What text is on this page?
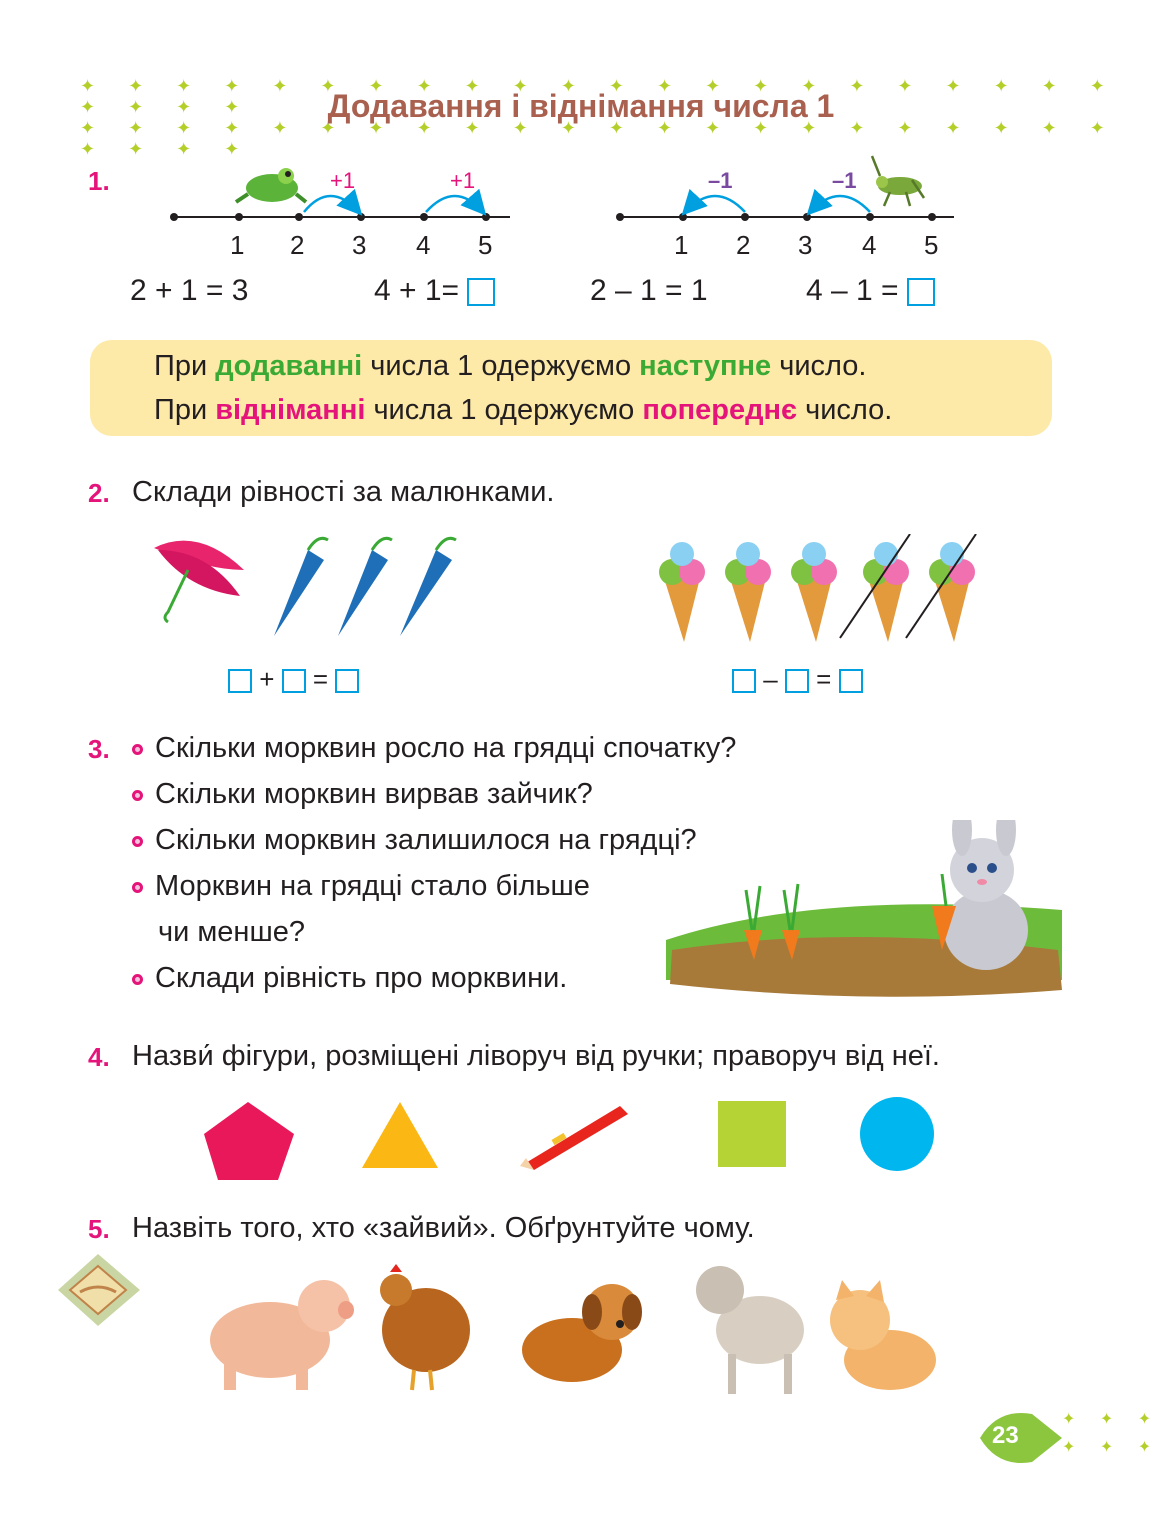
✦ ✦ ✦ ✦ ✦ ✦ ✦ ✦ ✦ ✦ ✦ ✦ ✦ ✦ ✦ ✦ ✦ ✦ ✦ ✦ ✦ ✦ ✦ ✦ ✦ ✦
✦ ✦ ✦ ✦ ✦ ✦ ✦ ✦ ✦ ✦ ✦ ✦ ✦ ✦ ✦ ✦ ✦ ✦ ✦ ✦ ✦ ✦ ✦ ✦ ✦ ✦
Додавання і віднімання числа 1
1.
1 2 3 4 5
+1	+1
1 2 3 4 5
–1	–1
2 + 1 = 3	4 + 1=	2 – 1 = 1	4 – 1 =

При додаванні числа 1 одержуємо наступне число.

При відніманні числа 1 одержуємо попереднє число.

2. Склади рівності за малюнками.
+ =	– =
3.	Скільки морквин росло на грядці спочатку?
Скільки морквин вирвав зайчик?
Скільки морквин залишилося на грядці?
Морквин на грядці стало більше
чи менше?
Склади рівність про морквини.
4. Назви́ фігури, розміщені ліворуч від ручки; праворуч від неї.
5. Назвіть того, хто «зайвий». Обґрунтуйте чому.
23
✦ ✦ ✦
✦ ✦ ✦
